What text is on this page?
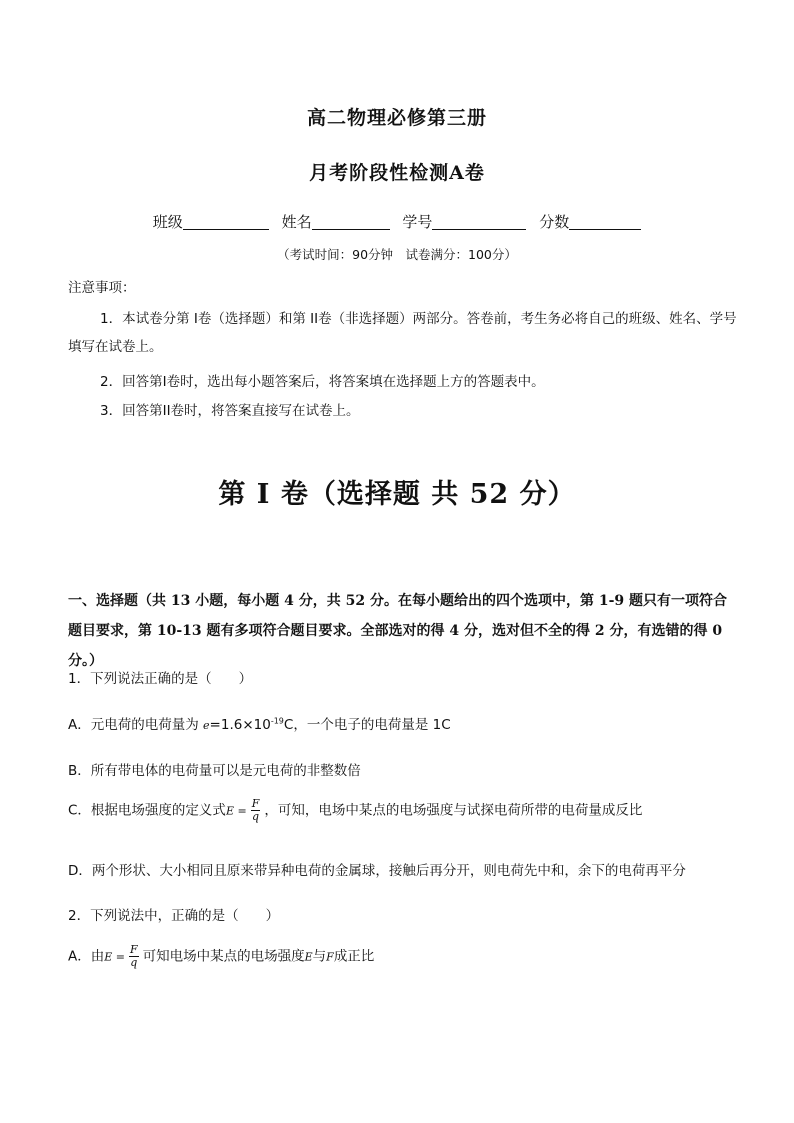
高二物理必修第三册
月考阶段性检测A卷
班级	姓名	学号	分数
（考试时间：90分钟　试卷满分：100分）
注意事项：
1．本试卷分第 I卷（选择题）和第 II卷（非选择题）两部分。答卷前，考生务必将自己的班级、姓名、学号填写在试卷上。
2．回答第I卷时，选出每小题答案后，将答案填在选择题上方的答题表中。
3．回答第II卷时，将答案直接写在试卷上。
第 I 卷（选择题 共 52 分）
一、选择题（共 13 小题，每小题 4 分，共 52 分。在每小题给出的四个选项中，第 1-9 题只有一项符合题目要求，第 10-13 题有多项符合题目要求。全部选对的得 4 分，选对但不全的得 2 分，有选错的得 0 分。）
1．下列说法正确的是（　　）
A．元电荷的电荷量为 $e=1.6\times 10^{-19}C$，一个电子的电荷量是 1C
B．所有带电体的电荷量可以是元电荷的非整数倍
C．根据电场强度的定义式$E = \frac{F}{q}$ ，可知，电场中某点的电场强度与试探电荷所带的电荷量成反比
D．两个形状、大小相同且原来带异种电荷的金属球，接触后再分开，则电荷先中和，余下的电荷再平分
2．下列说法中，正确的是（　　）
A．由$E = \frac{F}{q}$ 可知电场中某点的电场强度E与F成正比
